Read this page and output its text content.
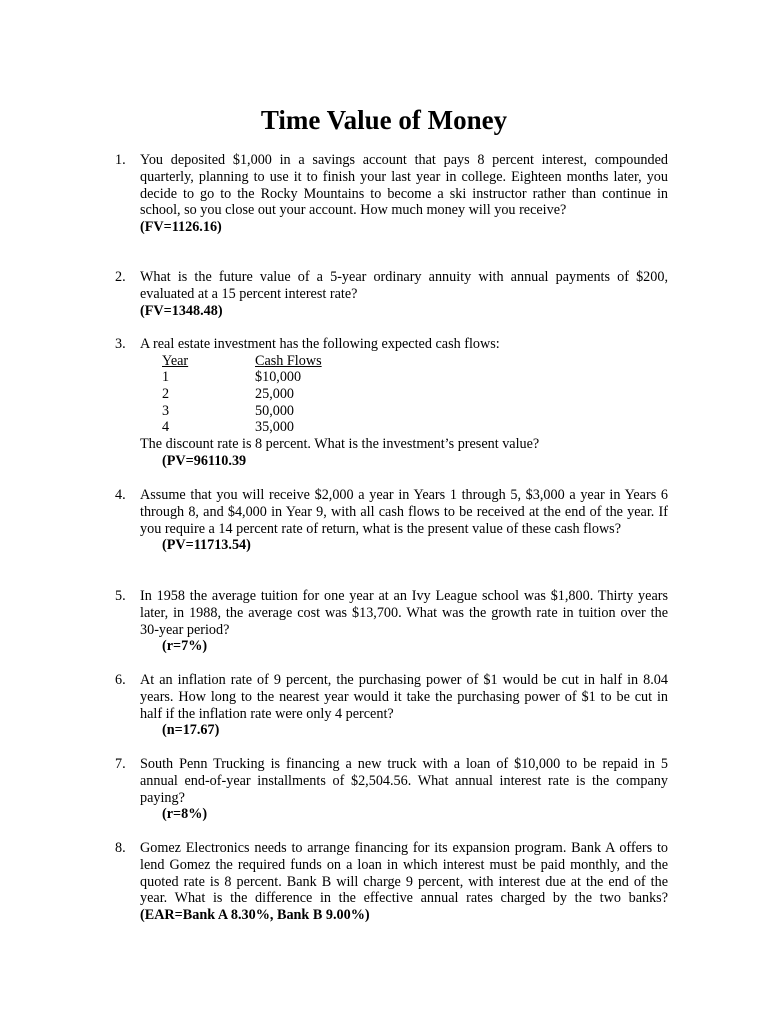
Time Value of Money
1. You deposited $1,000 in a savings account that pays 8 percent interest, compounded quarterly, planning to use it to finish your last year in college. Eighteen months later, you decide to go to the Rocky Mountains to become a ski instructor rather than continue in school, so you close out your account. How much money will you receive?
(FV=1126.16)
2. What is the future value of a 5-year ordinary annuity with annual payments of $200, evaluated at a 15 percent interest rate?
(FV=1348.48)
3. A real estate investment has the following expected cash flows:
Year	Cash Flows
1	$10,000
2	25,000
3	50,000
4	35,000
The discount rate is 8 percent. What is the investment’s present value?
(PV=96110.39
4. Assume that you will receive $2,000 a year in Years 1 through 5, $3,000 a year in Years 6 through 8, and $4,000 in Year 9, with all cash flows to be received at the end of the year. If you require a 14 percent rate of return, what is the present value of these cash flows?
(PV=11713.54)
5. In 1958 the average tuition for one year at an Ivy League school was $1,800. Thirty years later, in 1988, the average cost was $13,700. What was the growth rate in tuition over the 30-year period?
(r=7%)
6. At an inflation rate of 9 percent, the purchasing power of $1 would be cut in half in 8.04 years. How long to the nearest year would it take the purchasing power of $1 to be cut in half if the inflation rate were only 4 percent?
(n=17.67)
7. South Penn Trucking is financing a new truck with a loan of $10,000 to be repaid in 5 annual end-of-year installments of $2,504.56. What annual interest rate is the company paying?
(r=8%)
8. Gomez Electronics needs to arrange financing for its expansion program. Bank A offers to lend Gomez the required funds on a loan in which interest must be paid monthly, and the quoted rate is 8 percent. Bank B will charge 9 percent, with interest due at the end of the year. What is the difference in the effective annual rates charged by the two banks? (EAR=Bank A 8.30%, Bank B 9.00%)
